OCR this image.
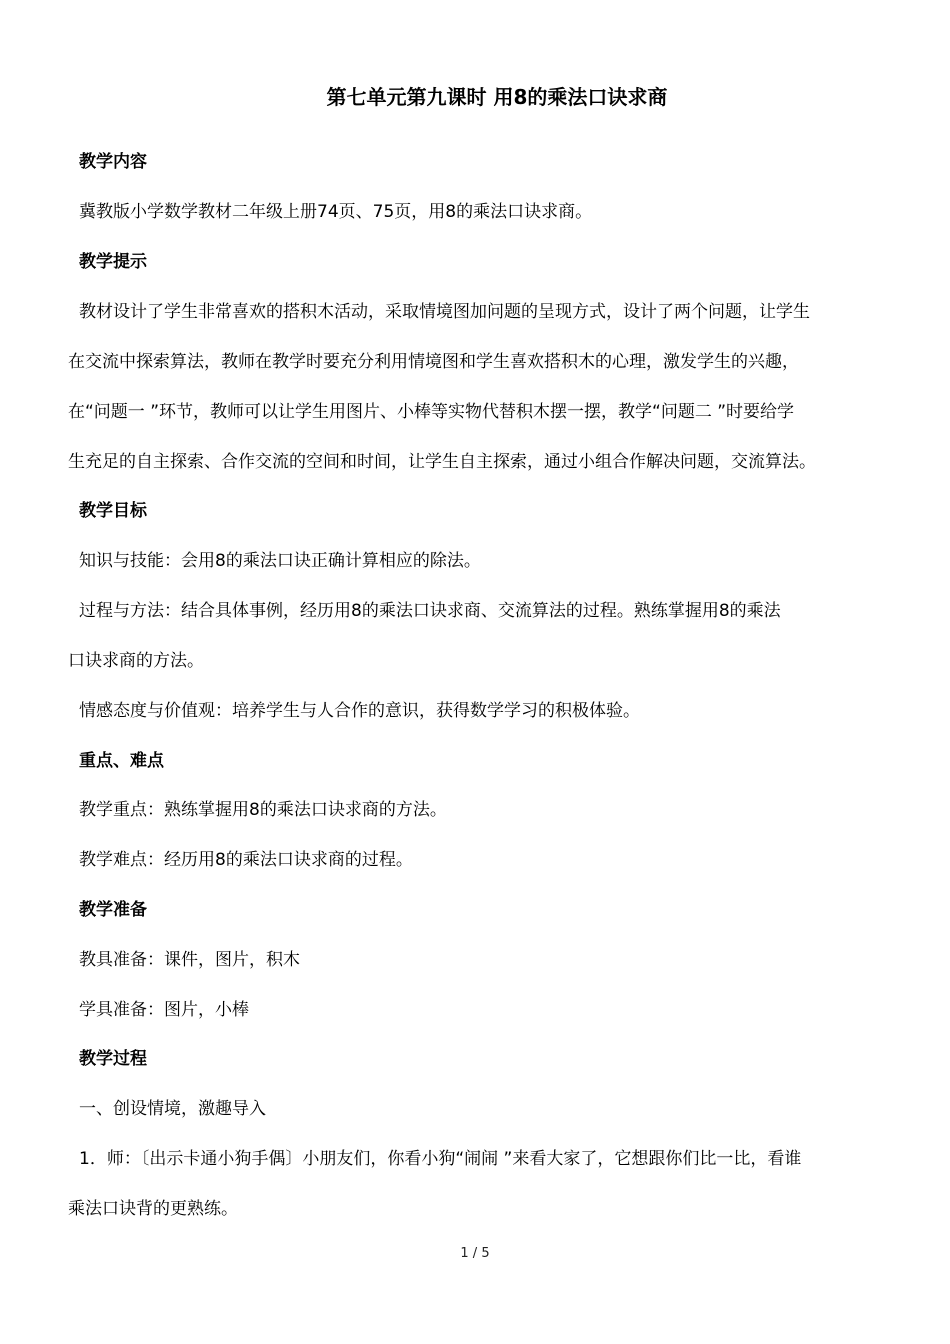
第七单元第九课时 用8的乘法口诀求商
教学内容
冀教版小学数学教材二年级上册74页、75页，用8的乘法口诀求商。
教学提示
教材设计了学生非常喜欢的搭积木活动，采取情境图加问题的呈现方式，设计了两个问题，让学生
在交流中探索算法，教师在教学时要充分利用情境图和学生喜欢搭积木的心理，激发学生的兴趣，
在“问题一 ”环节，教师可以让学生用图片、小棒等实物代替积木摆一摆，教学“问题二 ”时要给学
生充足的自主探索、合作交流的空间和时间，让学生自主探索，通过小组合作解决问题，交流算法。
教学目标
知识与技能：会用8的乘法口诀正确计算相应的除法。
过程与方法：结合具体事例，经历用8的乘法口诀求商、交流算法的过程。熟练掌握用8的乘法
口诀求商的方法。
情感态度与价值观：培养学生与人合作的意识，获得数学学习的积极体验。
重点、难点
教学重点：熟练掌握用8的乘法口诀求商的方法。
教学难点：经历用8的乘法口诀求商的过程。
教学准备
教具准备：课件，图片，积木
学具准备：图片，小棒
教学过程
一、创设情境，激趣导入
1．师：〔出示卡通小狗手偶〕小朋友们，你看小狗“闹闹 ”来看大家了，它想跟你们比一比，看谁
乘法口诀背的更熟练。
1 / 5
